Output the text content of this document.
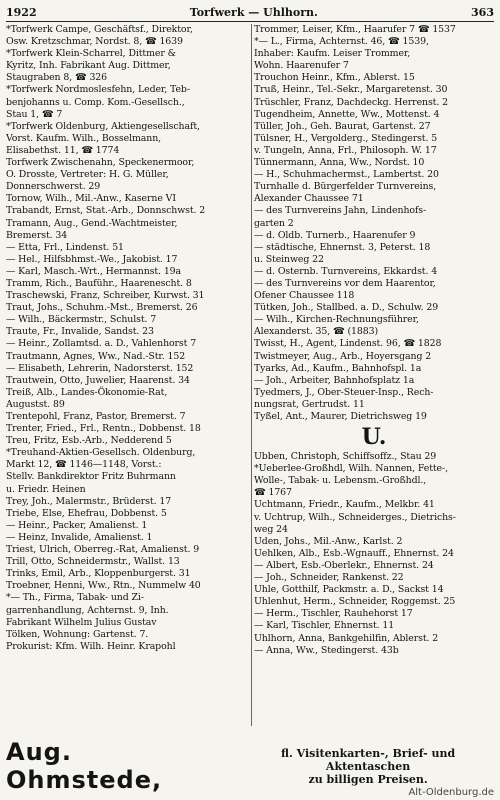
1922	Torfwerk — Uhlhorn.	363
*Torfwerk Campe, Geschäftsf., Direktor,
Osw. Kretzschmar, Nordst. 8, ☎ 1639
*Torfwerk Klein-Scharrel, Dittmer &
Kyritz, Inh. Fabrikant Aug. Dittmer,
Staugraben 8, ☎ 326
*Torfwerk Nordmoslesfehn, Leder, Teb-
benjohanns u. Comp. Kom.-Gesellsch.,
Stau 1, ☎ 7
*Torfwerk Oldenburg, Aktiengesellschaft,
Vorst. Kaufm. Wilh., Bosselmann,
Elisabethst. 11, ☎ 1774
Torfwerk Zwischenahn, Speckenermoor,
O. Drosste, Vertreter: H. G. Müller,
Donnerschwerst. 29
Tornow, Wilh., Mil.-Anw., Kaserne VI
Trabandt, Ernst, Stat.-Arb., Donnschwst. 2
Tramann, Aug., Gend.-Wachtmeister,
Bremerst. 34
— Etta, Frl., Lindenst. 51
— Hel., Hilfsbhmst.-We., Jakobist. 17
— Karl, Masch.-Wrt., Hermannst. 19a
Tramm, Rich., Bauführ., Haarenescht. 8
Traschewski, Franz, Schreiber, Kurwst. 31
Traut, Johs., Schuhm.-Mst., Bremerst. 26
— Wilh., Bäckermstr., Schulst. 7
Traute, Fr., Invalide, Sandst. 23
— Heinr., Zollamtsd. a. D., Vahlenhorst 7
Trautmann, Agnes, Ww., Nad.-Str. 152
— Elisabeth, Lehrerin, Nadorsterst. 152
Trautwein, Otto, Juwelier, Haarenst. 34
Treiß, Alb., Landes-Ökonomie-Rat,
Augustst. 89
Trentepohl, Franz, Pastor, Bremerst. 7
Trenter, Fried., Frl., Rentn., Dobbenst. 18
Treu, Fritz, Esb.-Arb., Nedderend 5
*Treuhand-Aktien-Gesellsch. Oldenburg,
Markt 12, ☎ 1146—1148, Vorst.:
Stellv. Bankdirektor Fritz Buhrmann
u. Friedr. Heinen
Trey, Joh., Malermstr., Brüderst. 17
Triebe, Else, Ehefrau, Dobbenst. 5
— Heinr., Packer, Amalienst. 1
— Heinz, Invalide, Amalienst. 1
Triest, Ulrich, Oberreg.-Rat, Amalienst. 9
Trill, Otto, Schneidermstr., Wallst. 13
Trinks, Emil, Arb., Kloppenburgerst. 31
Troebner, Henni, Ww., Rtn., Nummelw 40
*— Th., Firma, Tabak- und Zi-
garrenhandlung, Achternst. 9, Inh.
Fabrikant Wilhelm Julius Gustav
Tölken, Wohnung: Gartenst. 7.
Prokurist: Kfm. Wilh. Heinr. Krapohl
Trommer, Leiser, Kfm., Haarufer 7 ☎ 1537
*— L., Firma, Achternst. 46, ☎ 1539,
Inhaber: Kaufm. Leiser Trommer,
Wohn. Haarenufer 7
Trouchon Heinr., Kfm., Ablerst. 15
Truß, Heinr., Tel.-Sekr., Margaretenst. 30
Trüschler, Franz, Dachdeckg. Herrenst. 2
Tugendheim, Annette, Ww., Mottenst. 4
Tüller, Joh., Geh. Baurat, Gartenst. 27
Tülsner, H., Vergolderg., Stedingerst. 5
v. Tungeln, Anna, Frl., Philosoph. W. 17
Tünnermann, Anna, Ww., Nordst. 10
— H., Schuhmachermst., Lambertst. 20
Turnhalle d. Bürgerfelder Turnvereins,
Alexander Chaussee 71
— des Turnvereins Jahn, Lindenhofs-
garten 2
— d. Oldb. Turnerb., Haarenufer 9
— städtische, Ehnernst. 3, Peterst. 18
u. Steinweg 22
— d. Osternb. Turnvereins, Ekkardst. 4
— des Turnvereins vor dem Haarentor,
Ofener Chaussee 118
Tütken, Joh., Stallbed. a. D., Schulw. 29
— Wilh., Kirchen-Rechnungsführer,
Alexanderst. 35, ☎ (1883)
Twisst, H., Agent, Lindenst. 96, ☎ 1828
Twistmeyer, Aug., Arb., Hoyersgang 2
Tyarks, Ad., Kaufm., Bahnhofspl. 1a
— Joh., Arbeiter, Bahnhofsplatz 1a
Tyedmers, J., Ober-Steuer-Insp., Rech-
nungsrat, Gertrudst. 11
Tyßel, Ant., Maurer, Dietrichsweg 19
U.
Ubben, Christoph, Schiffsoffz., Stau 29
*Ueberlee-Großhdl, Wilh. Nannen, Fette-,
Wolle-, Tabak- u. Lebensm.-Großhdl.,
☎ 1767
Uchtmann, Friedr., Kaufm., Melkbr. 41
v. Uchtrup, Wilh., Schneiderges., Dietrichs-
weg 24
Uden, Johs., Mil.-Anw., Karlst. 2
Uehlken, Alb., Esb.-Wgnauff., Ehnernst. 24
— Albert, Esb.-Oberlekr., Ehnernst. 24
— Joh., Schneider, Rankenst. 22
Uhle, Gotthilf, Packmstr. a. D., Sackst 14
Uhlenhut, Herm., Schneider, Roggemst. 25
— Herm., Tischler, Rauhehorst 17
— Karl, Tischler, Ehnernst. 11
Uhlhorn, Anna, Bankgehilfin, Ablerst. 2
— Anna, Ww., Stedingerst. 43b
Aug. Ohmstede,
fl. Visitenkarten-, Brief- und Aktentaschen
zu billigen Preisen.
Alt-Oldenburg.de
